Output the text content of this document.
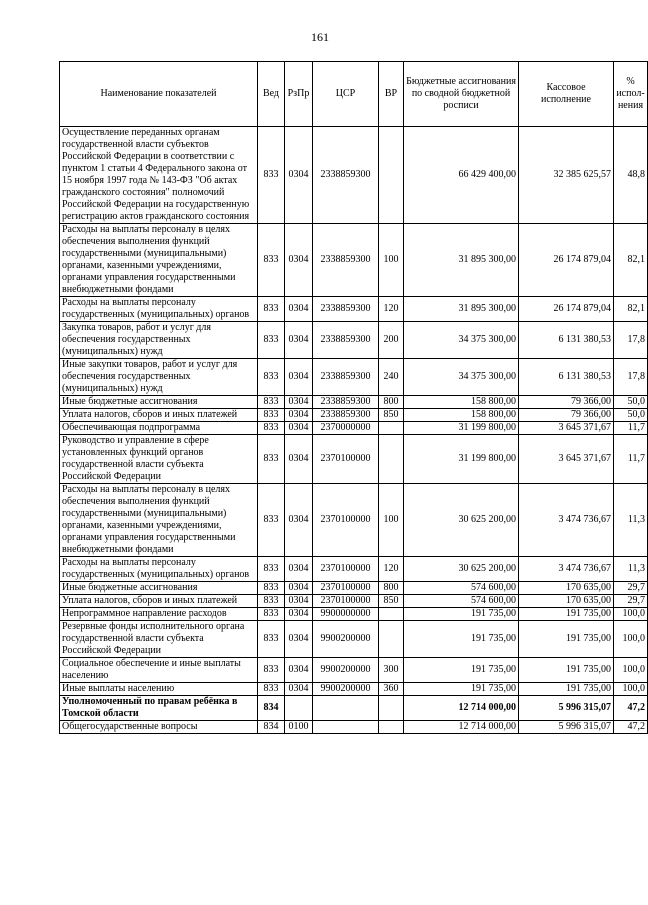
161
Наименование показателей	Вед	РзПр	ЦСР	ВР	Бюджетные ассигнования по сводной бюджетной росписи	Кассовое исполнение	% испол-нения
Осуществление переданных органам государственной власти субъектов Российской Федерации в соответствии с пунктом 1 статьи 4 Федерального закона от 15 ноября 1997 года № 143-ФЗ "Об актах гражданского состояния" полномочий Российской Федерации на государственную регистрацию актов гражданского состояния	833	0304	2338859300		66 429 400,00	32 385 625,57	48,8
Расходы на выплаты персоналу в целях обеспечения выполнения функций государственными (муниципальными) органами, казенными учреждениями, органами управления государственными внебюджетными фондами	833	0304	2338859300	100	31 895 300,00	26 174 879,04	82,1
Расходы на выплаты персоналу государственных (муниципальных) органов	833	0304	2338859300	120	31 895 300,00	26 174 879,04	82,1
Закупка товаров, работ и услуг для обеспечения государственных (муниципальных) нужд	833	0304	2338859300	200	34 375 300,00	6 131 380,53	17,8
Иные закупки товаров, работ и услуг для обеспечения государственных (муниципальных) нужд	833	0304	2338859300	240	34 375 300,00	6 131 380,53	17,8
Иные бюджетные ассигнования	833	0304	2338859300	800	158 800,00	79 366,00	50,0
Уплата налогов, сборов и иных платежей	833	0304	2338859300	850	158 800,00	79 366,00	50,0
Обеспечивающая подпрограмма	833	0304	2370000000		31 199 800,00	3 645 371,67	11,7
Руководство и управление в сфере установленных функций органов государственной власти субъекта Российской Федерации	833	0304	2370100000		31 199 800,00	3 645 371,67	11,7
Расходы на выплаты персоналу в целях обеспечения выполнения функций государственными (муниципальными) органами, казенными учреждениями, органами управления государственными внебюджетными фондами	833	0304	2370100000	100	30 625 200,00	3 474 736,67	11,3
Расходы на выплаты персоналу государственных (муниципальных) органов	833	0304	2370100000	120	30 625 200,00	3 474 736,67	11,3
Иные бюджетные ассигнования	833	0304	2370100000	800	574 600,00	170 635,00	29,7
Уплата налогов, сборов и иных платежей	833	0304	2370100000	850	574 600,00	170 635,00	29,7
Непрограммное направление расходов	833	0304	9900000000		191 735,00	191 735,00	100,0
Резервные фонды исполнительного органа государственной власти субъекта Российской Федерации	833	0304	9900200000		191 735,00	191 735,00	100,0
Социальное обеспечение и иные выплаты населению	833	0304	9900200000	300	191 735,00	191 735,00	100,0
Иные выплаты населению	833	0304	9900200000	360	191 735,00	191 735,00	100,0
Уполномоченный по правам ребёнка в Томской области	834				12 714 000,00	5 996 315,07	47,2
Общегосударственные вопросы	834	0100			12 714 000,00	5 996 315,07	47,2
